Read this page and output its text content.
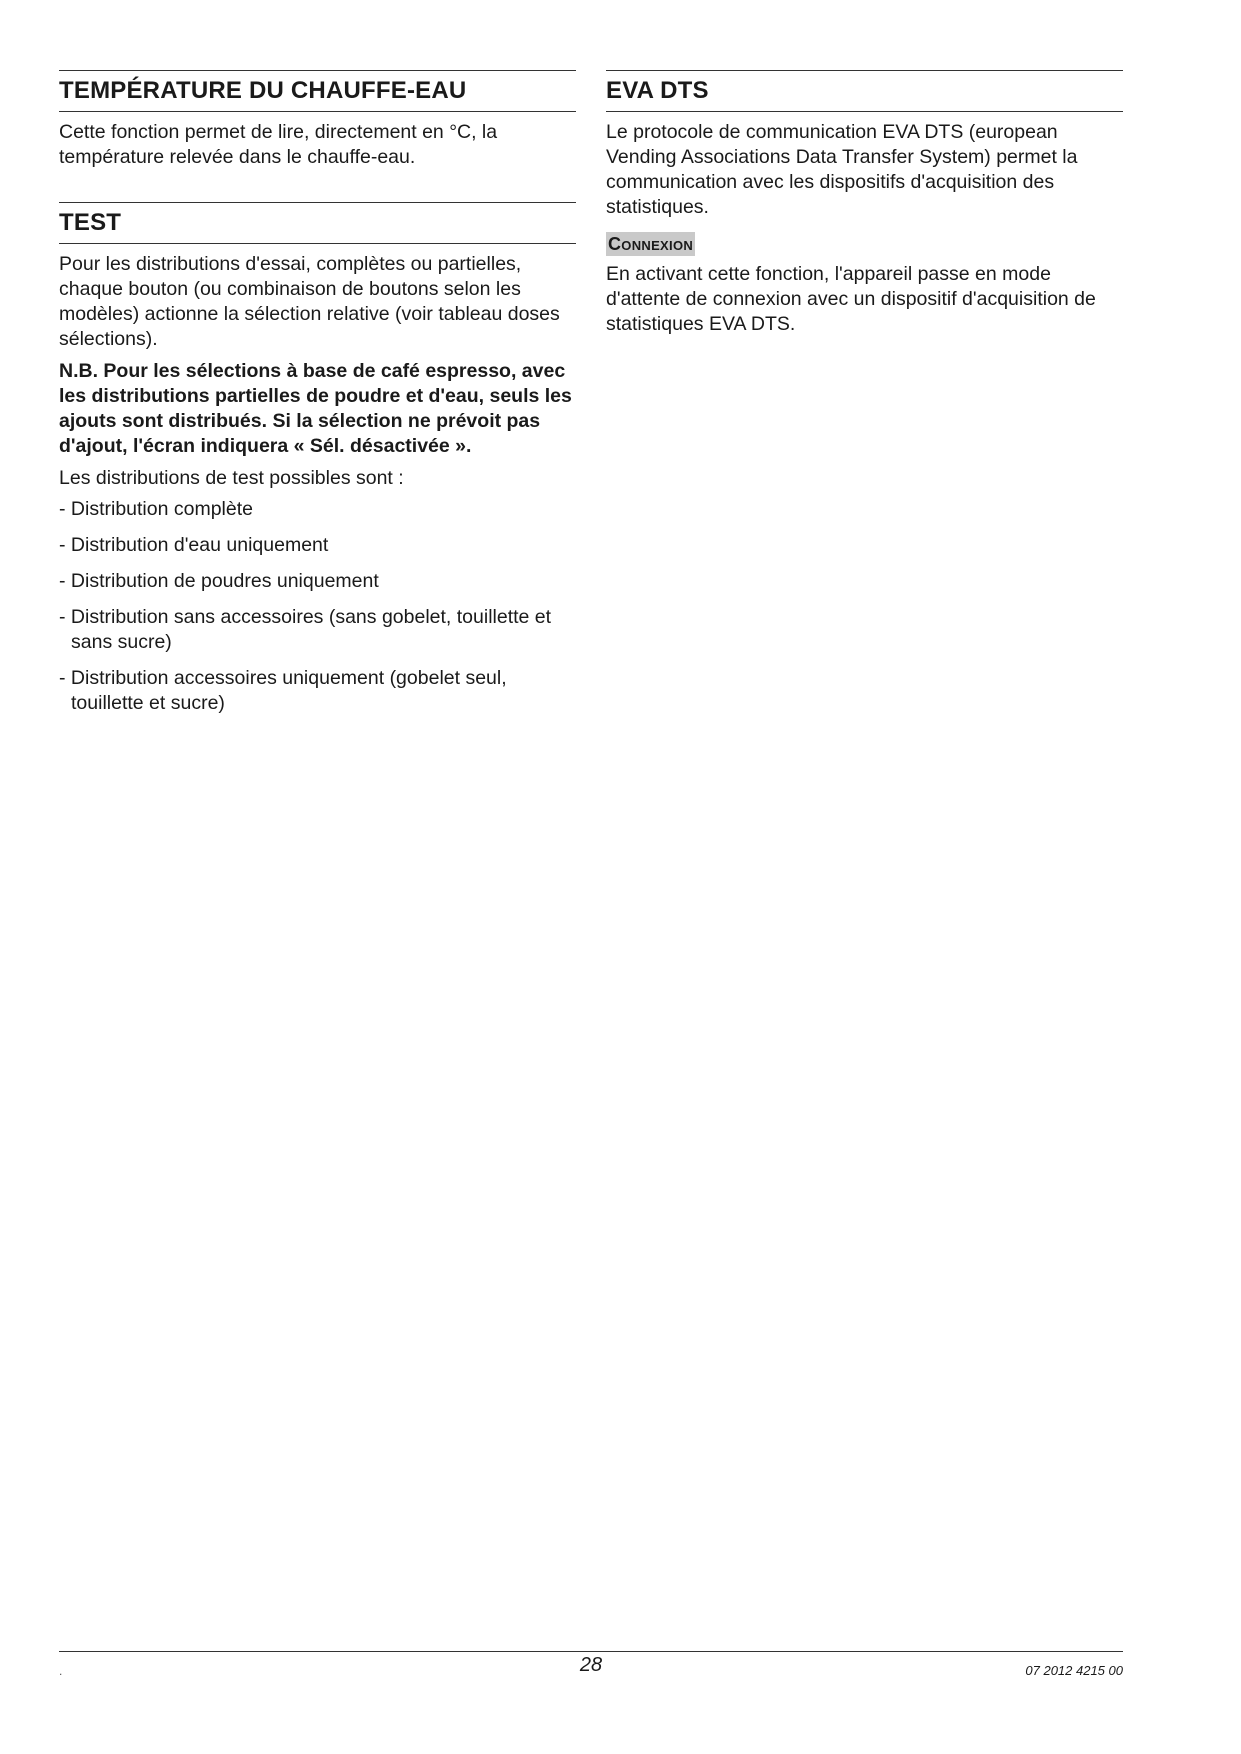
TEMPÉRATURE DU CHAUFFE-EAU

Cette fonction permet de lire, directement en °C, la température relevée dans le chauffe-eau.

TEST

Pour les distributions d'essai, complètes ou partielles, chaque bouton (ou combinaison de boutons selon les modèles) actionne la sélection relative (voir tableau doses sélections).

N.B. Pour les sélections à base de café espresso, avec les distributions partielles de poudre et d'eau, seuls les ajouts sont distribués. Si la sélection ne prévoit pas d'ajout, l'écran indiquera « Sél. désactivée ».

Les distributions de test possibles sont :

- Distribution complète
- Distribution d'eau uniquement
- Distribution de poudres uniquement
- Distribution sans accessoires (sans gobelet, touillette et sans sucre)
- Distribution accessoires uniquement (gobelet seul, touillette et sucre)
EVA DTS

Le protocole de communication EVA DTS (european Vending Associations Data Transfer System) permet la communication avec les dispositifs d'acquisition des statistiques.

Connexion

En activant cette fonction, l'appareil passe en mode d'attente de connexion avec un dispositif d'acquisition de statistiques EVA DTS.

.	28	07 2012 4215 00
